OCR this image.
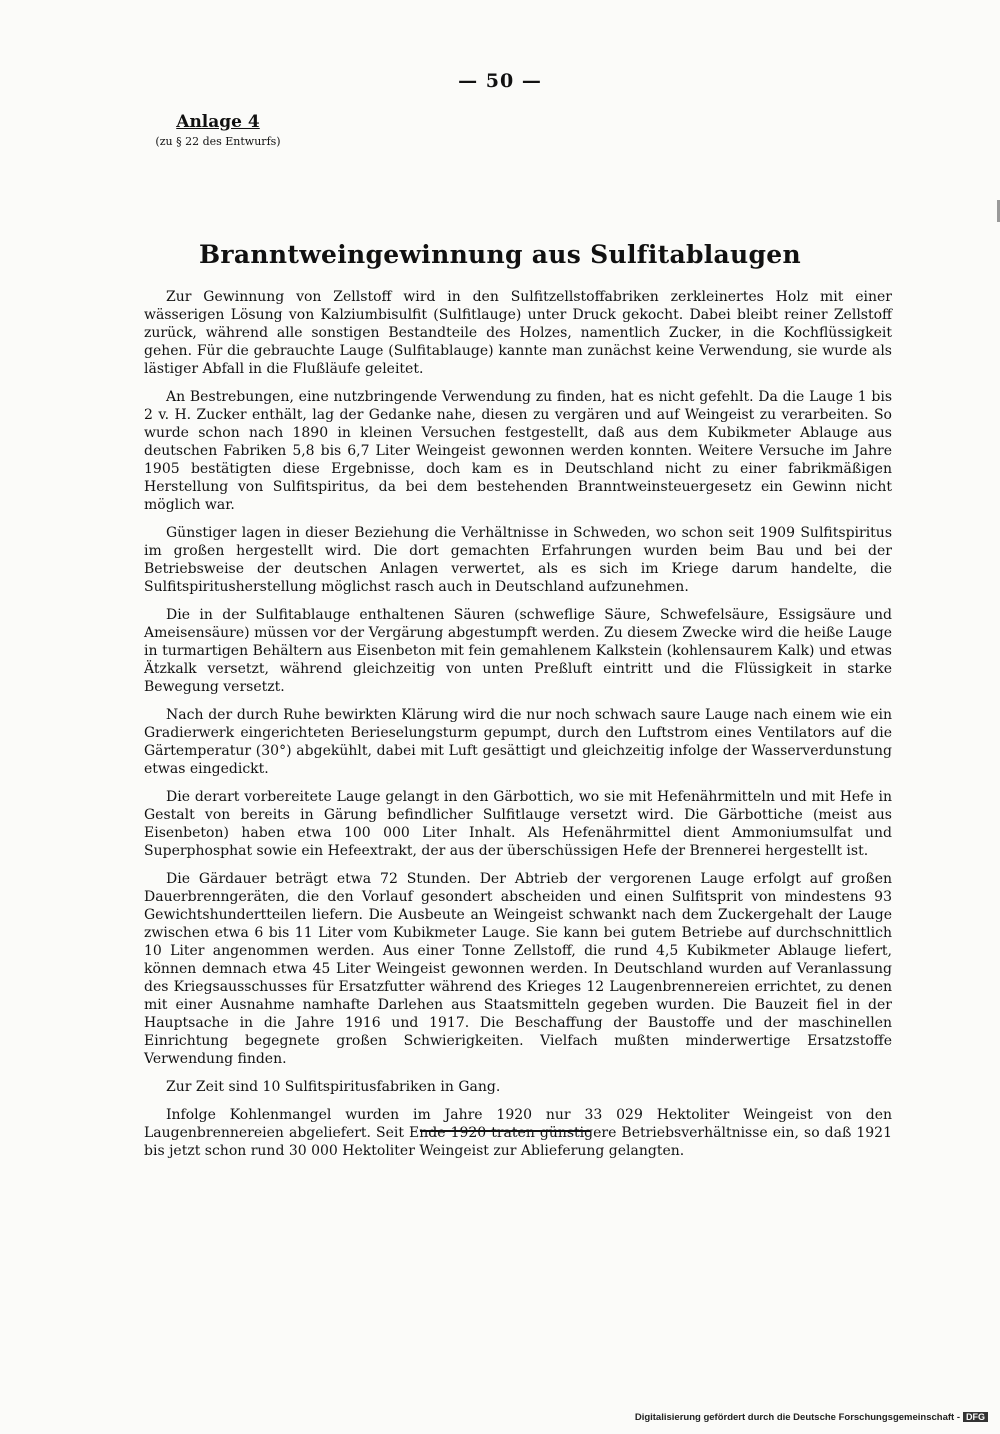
— 50 —
Anlage 4
(zu § 22 des Entwurfs)
Branntweingewinnung aus Sulfitablaugen

Zur Gewinnung von Zellstoff wird in den Sulfitzellstoffabriken zerkleinertes Holz mit einer wässerigen Lösung von Kalziumbisulfit (Sulfitlauge) unter Druck gekocht. Dabei bleibt reiner Zellstoff zurück, während alle sonstigen Bestandteile des Holzes, namentlich Zucker, in die Kochflüssigkeit gehen. Für die gebrauchte Lauge (Sulfitablauge) kannte man zunächst keine Verwendung, sie wurde als lästiger Abfall in die Flußläufe geleitet.

An Bestrebungen, eine nutzbringende Verwendung zu finden, hat es nicht gefehlt. Da die Lauge 1 bis 2 v. H. Zucker enthält, lag der Gedanke nahe, diesen zu vergären und auf Weingeist zu verarbeiten. So wurde schon nach 1890 in kleinen Versuchen festgestellt, daß aus dem Kubikmeter Ablauge aus deutschen Fabriken 5,8 bis 6,7 Liter Weingeist gewonnen werden konnten. Weitere Versuche im Jahre 1905 bestätigten diese Ergebnisse, doch kam es in Deutschland nicht zu einer fabrikmäßigen Herstellung von Sulfitspiritus, da bei dem bestehenden Branntweinsteuergesetz ein Gewinn nicht möglich war.

Günstiger lagen in dieser Beziehung die Verhältnisse in Schweden, wo schon seit 1909 Sulfitspiritus im großen hergestellt wird. Die dort gemachten Erfahrungen wurden beim Bau und bei der Betriebsweise der deutschen Anlagen verwertet, als es sich im Kriege darum handelte, die Sulfitspiritusherstellung möglichst rasch auch in Deutschland aufzunehmen.

Die in der Sulfitablauge enthaltenen Säuren (schweflige Säure, Schwefelsäure, Essigsäure und Ameisensäure) müssen vor der Vergärung abgestumpft werden. Zu diesem Zwecke wird die heiße Lauge in turmartigen Behältern aus Eisenbeton mit fein gemahlenem Kalkstein (kohlensaurem Kalk) und etwas Ätzkalk versetzt, während gleichzeitig von unten Preßluft eintritt und die Flüssigkeit in starke Bewegung versetzt.

Nach der durch Ruhe bewirkten Klärung wird die nur noch schwach saure Lauge nach einem wie ein Gradierwerk eingerichteten Berieselungsturm gepumpt, durch den Luftstrom eines Ventilators auf die Gärtemperatur (30°) abgekühlt, dabei mit Luft gesättigt und gleichzeitig infolge der Wasserverdunstung etwas eingedickt.

Die derart vorbereitete Lauge gelangt in den Gärbottich, wo sie mit Hefenährmitteln und mit Hefe in Gestalt von bereits in Gärung befindlicher Sulfitlauge versetzt wird. Die Gärbottiche (meist aus Eisenbeton) haben etwa 100 000 Liter Inhalt. Als Hefenährmittel dient Ammoniumsulfat und Superphosphat sowie ein Hefeextrakt, der aus der überschüssigen Hefe der Brennerei hergestellt ist.

Die Gärdauer beträgt etwa 72 Stunden. Der Abtrieb der vergorenen Lauge erfolgt auf großen Dauerbrenngeräten, die den Vorlauf gesondert abscheiden und einen Sulfitsprit von mindestens 93 Gewichtshundertteilen liefern. Die Ausbeute an Weingeist schwankt nach dem Zuckergehalt der Lauge zwischen etwa 6 bis 11 Liter vom Kubikmeter Lauge. Sie kann bei gutem Betriebe auf durchschnittlich 10 Liter angenommen werden. Aus einer Tonne Zellstoff, die rund 4,5 Kubikmeter Ablauge liefert, können demnach etwa 45 Liter Weingeist gewonnen werden. In Deutschland wurden auf Veranlassung des Kriegsausschusses für Ersatzfutter während des Krieges 12 Laugenbrennereien errichtet, zu denen mit einer Ausnahme namhafte Darlehen aus Staatsmitteln gegeben wurden. Die Bauzeit fiel in der Hauptsache in die Jahre 1916 und 1917. Die Beschaffung der Baustoffe und der maschinellen Einrichtung begegnete großen Schwierigkeiten. Vielfach mußten minderwertige Ersatzstoffe Verwendung finden.

Zur Zeit sind 10 Sulfitspiritusfabriken in Gang.

Infolge Kohlenmangel wurden im Jahre 1920 nur 33 029 Hektoliter Weingeist von den Laugenbrennereien abgeliefert. Seit Ende 1920 traten günstigere Betriebsverhältnisse ein, so daß 1921 bis jetzt schon rund 30 000 Hektoliter Weingeist zur Ablieferung gelangten.

Digitalisierung gefördert durch die Deutsche Forschungsgemeinschaft - DFG
